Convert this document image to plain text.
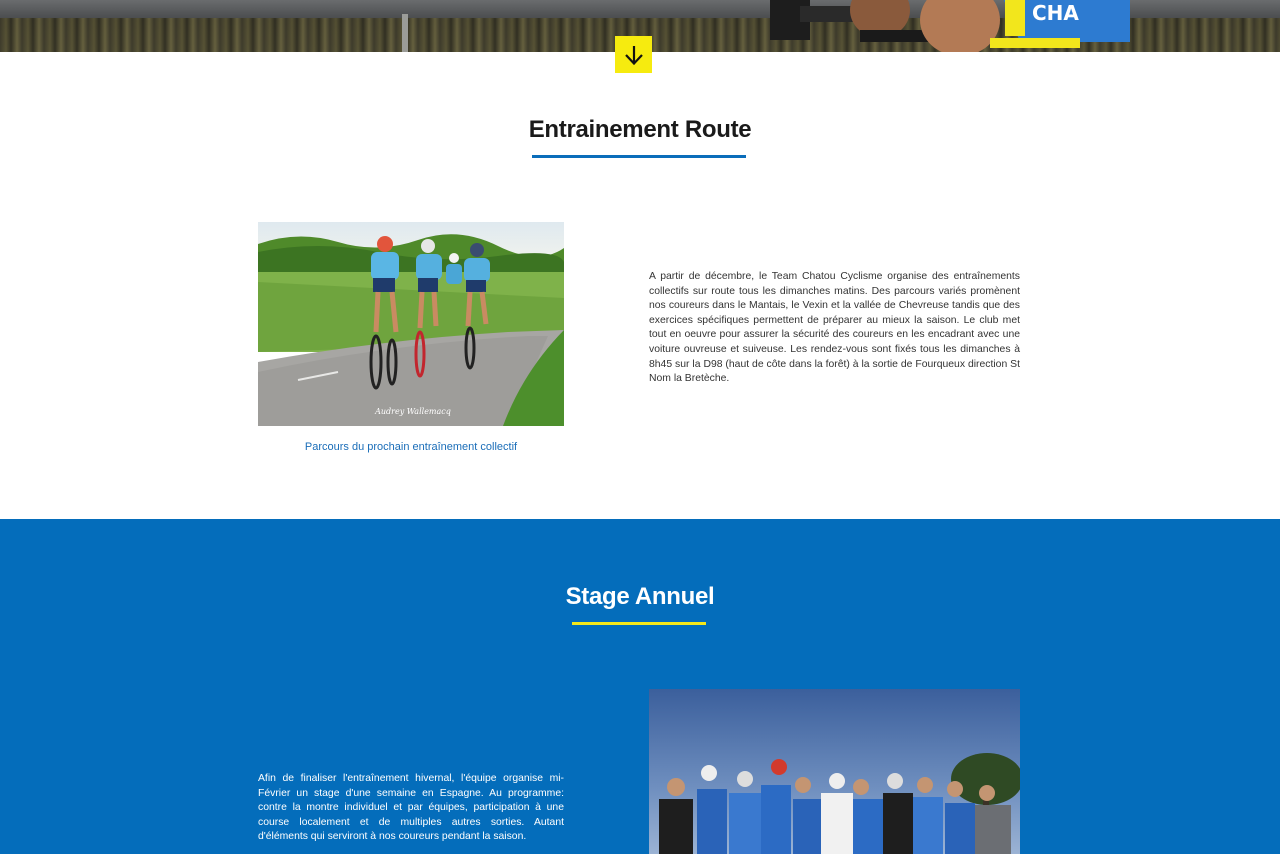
CHA
Entrainement Route
Audrey Wallemacq
Parcours du prochain entraînement collectif

A partir de décembre, le Team Chatou Cyclisme organise des entraînements collectifs sur route tous les dimanches matins. Des parcours variés promènent nos coureurs dans le Mantais, le Vexin et la vallée de Chevreuse tandis que des exercices spécifiques permettent de préparer au mieux la saison. Le club met tout en oeuvre pour assurer la sécurité des coureurs en les encadrant avec une voiture ouvreuse et suiveuse. Les rendez-vous sont fixés tous les dimanches à 8h45 sur la D98 (haut de côte dans la forêt) à la sortie de Fourqueux direction St Nom la Bretèche.

Stage Annuel

Afin de finaliser l'entraînement hivernal, l'équipe organise mi-Février un stage d'une semaine en Espagne. Au programme: contre la montre individuel et par équipes, participation à une course localement et de multiples autres sorties. Autant d'éléments qui serviront à nos coureurs pendant la saison.
